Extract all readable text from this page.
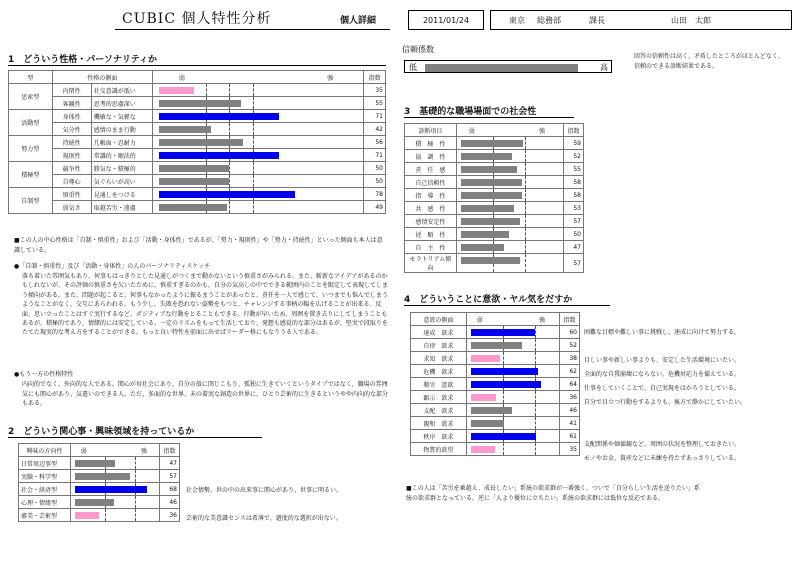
CUBIC 個人特性分析	個人詳細	2011/01/24	東京 総務部	課長	山田　太郎
1　どういう性格・パーソナリティか
型	性格の側面		弱 強	指数
思索型	内閉性	社交意識が低い		35
	客観性	思考的思慮深い		55
活動型	身体性	機敏な・気軽な		71
	気分性	感情のまま行動		42
努力型	持続性	几帳面・忍耐力		56
	規則性	常識的・順法的		71
積極型	競争性	勝気な・積極的		50
	自尊心	気ぐらいが高い		50
自制型	慎重性	見通しをつける		78
	弱気さ	取越苦労・遠慮		49
■この人の中心性格は「自制・慎重性」および「活動・身体性」であるが、「努力・規則性」や「努力・持続性」といった側面も本人は意識している。
●「自制・慎重性」及び「活動・身体性」の人のパーソナリティスケッチ
落ち着いた雰囲気もあり、何事もはっきりとした見通しがつくまで動かないという慎重さがみられる。また、斬新なアイデアがあるのかもしれないが、その評価の慎重さを欠いたために、慎重すぎるのかも。自分の気高しの中でできる範囲内のことを限定して表現してしまう傾向がある。また、問題が起こると、何事もなかったように振るまうことがあったと、責任を一人で感じて、いつまでも悩んでしまうようなことがなく、交互にあらわれる。もう少し、失敗を恐れない姿勢をもつと、チャレンジする事柄の幅を広げることが出来る。反面、思い立ったことはすぐ実行するなど、ポジティブな行動をとることもできる。行動が早いため、周囲を置き去りにしてしまうこともあるが、積極的であり、情緒的には安定している。一定のリズムをもって生活しており、発想も感覚的な部分はあるが、堅実で段取りをたてた現実的な考え方をすることができる。もっと良い特性を前面に出せばリーダー格にもなりうる人である。
●もう一方の性格特性
内向的でなく、外向的な人である。関心が対社会にあり、自分の殻に閉じこもり、孤独に生きていくというタイプではなく、職場の雰囲気にも関心があり、気遣いのできる人。ただ、多面的な世界、未の着実な創造の世界に、ひとり芸術的に生きるというやや内向的な部分もある。
2　どういう関心事・興味領域を持っているか
興味の方向性	弱 強	指数
日常周辺事型		47
実験・科学型		57
社会・経済型		68
心理・情緒型		46
審美・芸術型		36
社会情勢、世の中の出来事に関心があり、世事に明るい。
芸術的な美意識センスは希薄で、過度的な選択が出ない。
信頼係数
低	高
回答の信頼性は高く、矛盾したところがほとんどなく、信頼のできる診断結果である。
3　基礎的な職場場面での社会性
診断項目	弱 強	指数
積　極　性		59
協　調　性		52
責　任　感		55
自己信頼性		58
指　導　性		58
共　感　性		53
感情安定性		57
従　順　性		50
自　主　性		47
モラトリアム傾向		57
4　どういうことに意欲・ヤル気をだすか
意欲の側面	弱 強	指数
達成　欲求		60
自律　欲求		52
求知　欲求		38
危機　欲求		62
勤労　意欲		64
顕示　欲求		36
支配　欲求		46
親和　欲求		41
秩序　欲求		61
物質的欲望		35
困難な目標や難しい事に挑戦し、速成に向けて努力する。
目しい事や新しい事よりも、安定した生活環境にいたい。
全面的な自我崩壊にならない、危機対応力を備えている。
仕事をしていくことで、自己実現をはかろうとしている。
自分で目立つ行動をするよりも、後方で静かにしていたい。
支配関係や価値観など、周囲の状況を整理しておきたい。
モノやお金、資産などに未練を持たずあっさりしている。
■この人は「苦労を乗越え、成長したい」系統の欲求群が一番強く、ついで「自分らしい生活を送りたい」系統の欲求群となっている。逆に「人より優位に立ちたい」系統の欲求群には低位な反応である。
